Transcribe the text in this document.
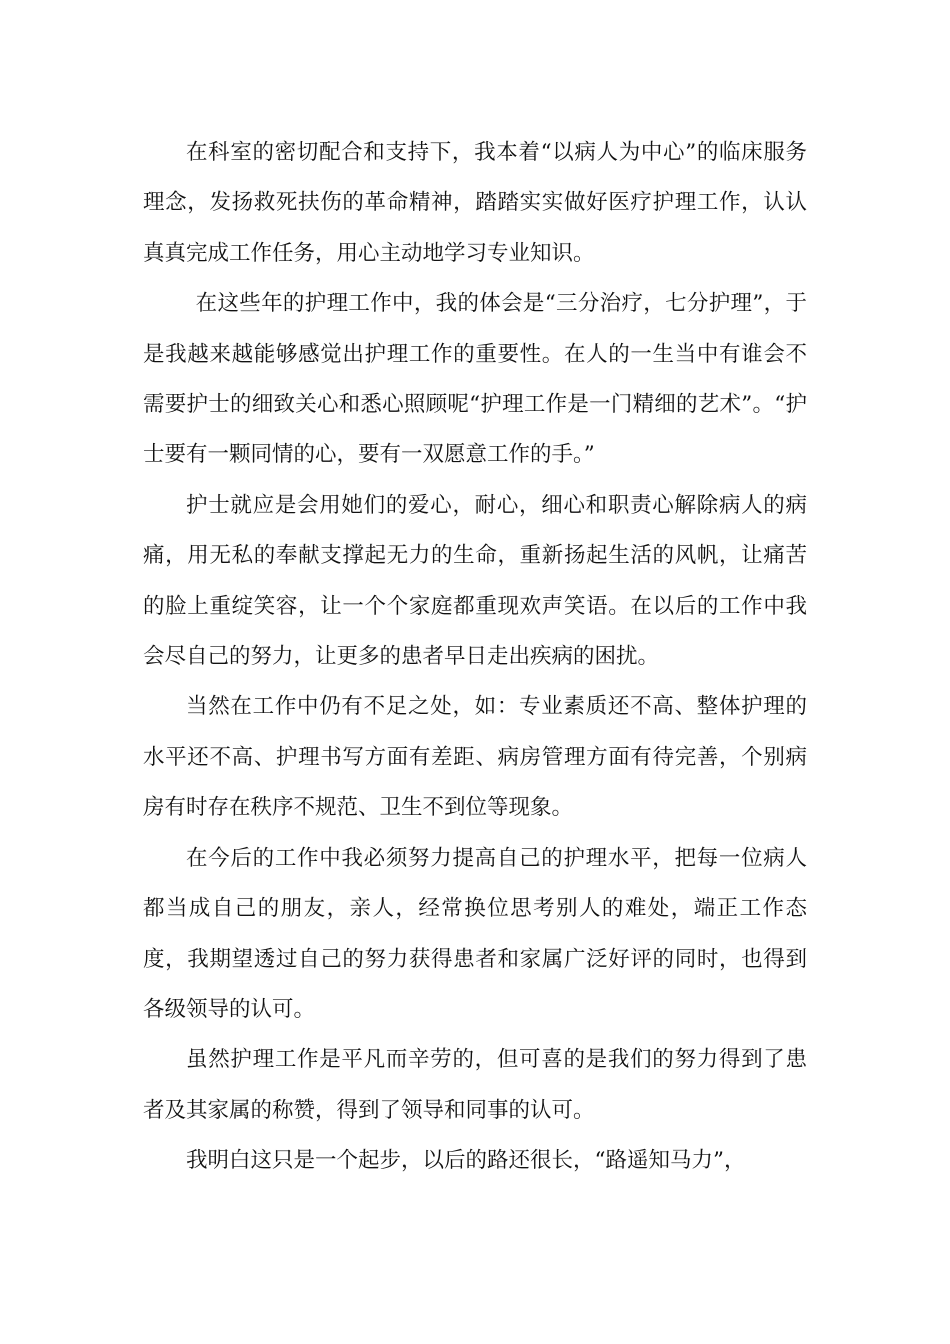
在科室的密切配合和支持下，我本着“以病人为中心”的临床服务理念，发扬救死扶伤的革命精神，踏踏实实做好医疗护理工作，认认真真完成工作任务，用心主动地学习专业知识。

在这些年的护理工作中，我的体会是“三分治疗，七分护理”，于是我越来越能够感觉出护理工作的重要性。在人的一生当中有谁会不需要护士的细致关心和悉心照顾呢“护理工作是一门精细的艺术”。“护士要有一颗同情的心，要有一双愿意工作的手。”

护士就应是会用她们的爱心，耐心，细心和职责心解除病人的病痛，用无私的奉献支撑起无力的生命，重新扬起生活的风帆，让痛苦的脸上重绽笑容，让一个个家庭都重现欢声笑语。在以后的工作中我会尽自己的努力，让更多的患者早日走出疾病的困扰。

当然在工作中仍有不足之处，如：专业素质还不高、整体护理的水平还不高、护理书写方面有差距、病房管理方面有待完善，个别病房有时存在秩序不规范、卫生不到位等现象。

在今后的工作中我必须努力提高自己的护理水平，把每一位病人都当成自己的朋友，亲人，经常换位思考别人的难处，端正工作态度，我期望透过自己的努力获得患者和家属广泛好评的同时，也得到各级领导的认可。

虽然护理工作是平凡而辛劳的，但可喜的是我们的努力得到了患者及其家属的称赞，得到了领导和同事的认可。

我明白这只是一个起步，以后的路还很长，“路遥知马力”，
